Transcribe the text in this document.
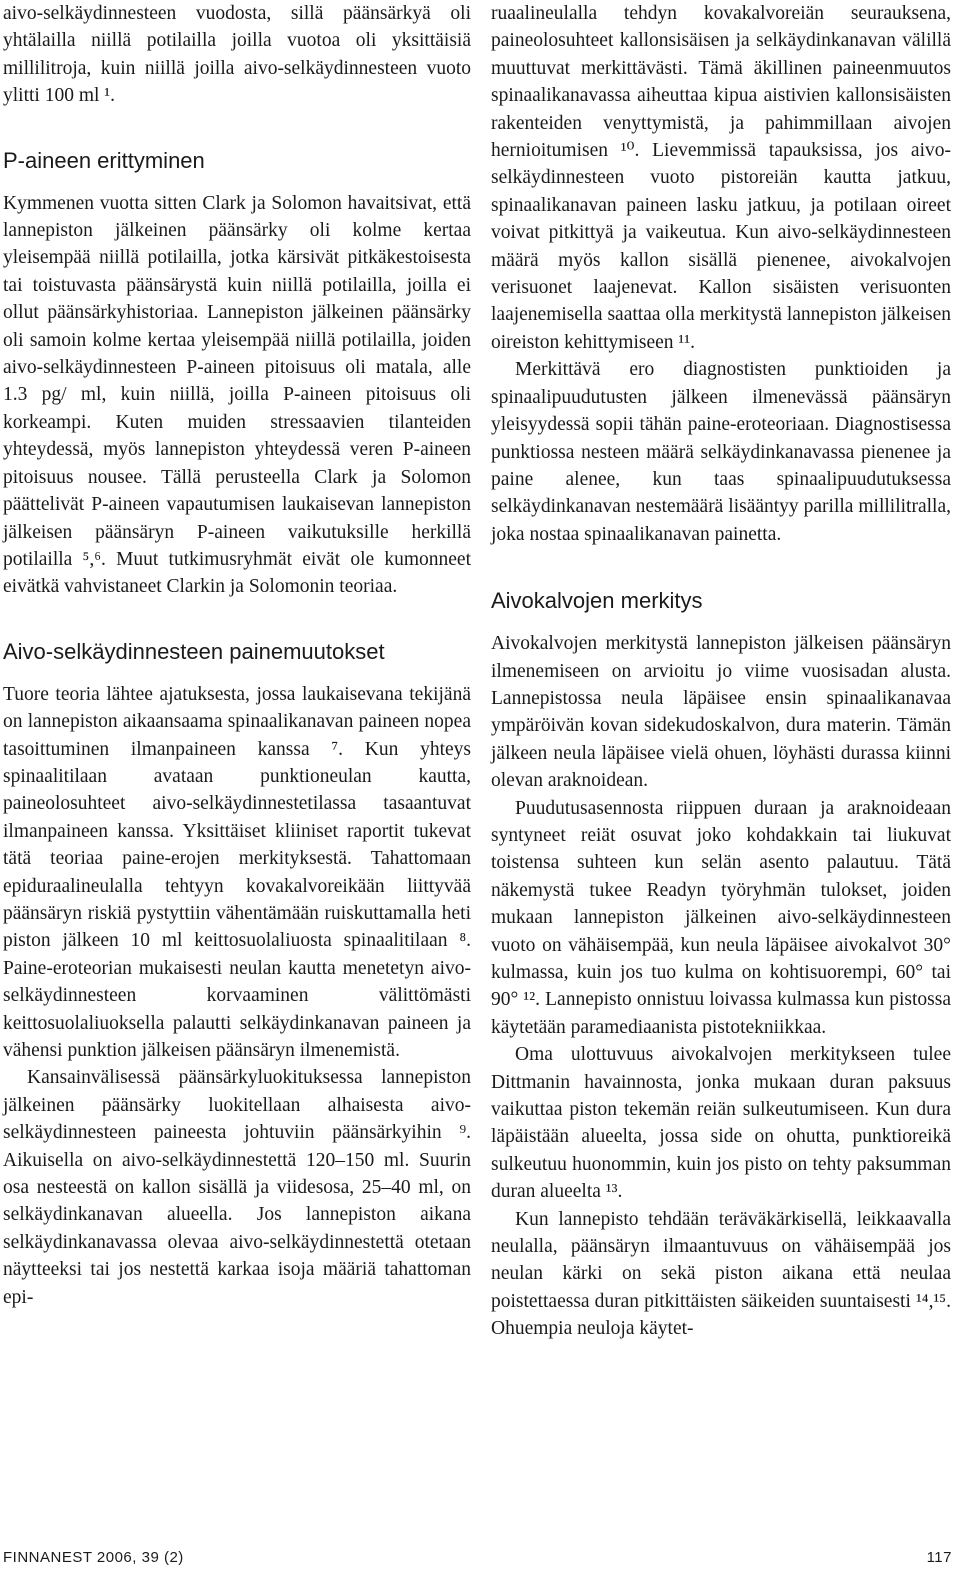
aivo-selkäydinnesteen vuodosta, sillä päänsärkyä oli yhtälailla niillä potilailla joilla vuotoa oli yksittäisiä millilitroja, kuin niillä joilla aivo-selkäydinnesteen vuoto ylitti 100 ml ¹.

P-aineen erittyminen

Kymmenen vuotta sitten Clark ja Solomon havaitsivat, että lannepiston jälkeinen päänsärky oli kolme kertaa yleisempää niillä potilailla, jotka kärsivät pitkäkestoisesta tai toistuvasta päänsärystä kuin niillä potilailla, joilla ei ollut päänsärkyhistoriaa. Lannepiston jälkeinen päänsärky oli samoin kolme kertaa yleisempää niillä potilailla, joiden aivo-selkäydinnesteen P-aineen pitoisuus oli matala, alle 1.3 pg/ ml, kuin niillä, joilla P-aineen pitoisuus oli korkeampi. Kuten muiden stressaavien tilanteiden yhteydessä, myös lannepiston yhteydessä veren P-aineen pitoisuus nousee. Tällä perusteella Clark ja Solomon päättelivät P-aineen vapautumisen laukaisevan lannepiston jälkeisen päänsäryn P-aineen vaikutuksille herkillä potilailla ⁵,⁶. Muut tutkimusryhmät eivät ole kumonneet eivätkä vahvistaneet Clarkin ja Solomonin teoriaa.

Aivo-selkäydinnesteen painemuutokset

Tuore teoria lähtee ajatuksesta, jossa laukaisevana tekijänä on lannepiston aikaansaama spinaalikanavan paineen nopea tasoittuminen ilmanpaineen kanssa ⁷. Kun yhteys spinaalitilaan avataan punktioneulan kautta, paineolosuhteet aivo-selkäydinnestetilassa tasaantuvat ilmanpaineen kanssa. Yksittäiset kliiniset raportit tukevat tätä teoriaa paine-erojen merkityksestä. Tahattomaan epiduraalineulalla tehtyyn kovakalvoreikään liittyvää päänsäryn riskiä pystyttiin vähentämään ruiskuttamalla heti piston jälkeen 10 ml keittosuolaliuosta spinaalitilaan ⁸. Paine-eroteorian mukaisesti neulan kautta menetetyn aivo-selkäydinnesteen korvaaminen välittömästi keittosuolaliuoksella palautti selkäydinkanavan paineen ja vähensi punktion jälkeisen päänsäryn ilmenemistä.

Kansainvälisessä päänsärkyluokituksessa lannepiston jälkeinen päänsärky luokitellaan alhaisesta aivo-selkäydinnesteen paineesta johtuviin päänsärkyihin ⁹. Aikuisella on aivo-selkäydinnestettä 120–150 ml. Suurin osa nesteestä on kallon sisällä ja viidesosa, 25–40 ml, on selkäydinkanavan alueella. Jos lannepiston aikana selkäydinkanavassa olevaa aivo-selkäydinnestettä otetaan näytteeksi tai jos nestettä karkaa isoja määriä tahattoman epi-

ruaalineulalla tehdyn kovakalvoreiän seurauksena, paineolosuhteet kallonsisäisen ja selkäydinkanavan välillä muuttuvat merkittävästi. Tämä äkillinen paineenmuutos spinaalikanavassa aiheuttaa kipua aistivien kallonsisäisten rakenteiden venyttymistä, ja pahimmillaan aivojen hernioitumisen ¹⁰. Lievemmissä tapauksissa, jos aivo-selkäydinnesteen vuoto pistoreiän kautta jatkuu, spinaalikanavan paineen lasku jatkuu, ja potilaan oireet voivat pitkittyä ja vaikeutua. Kun aivo-selkäydinnesteen määrä myös kallon sisällä pienenee, aivokalvojen verisuonet laajenevat. Kallon sisäisten verisuonten laajenemisella saattaa olla merkitystä lannepiston jälkeisen oireiston kehittymiseen ¹¹.

Merkittävä ero diagnostisten punktioiden ja spinaalipuudutusten jälkeen ilmenevässä päänsäryn yleisyydessä sopii tähän paine-eroteoriaan. Diagnostisessa punktiossa nesteen määrä selkäydinkanavassa pienenee ja paine alenee, kun taas spinaalipuudutuksessa selkäydinkanavan nestemäärä lisääntyy parilla millilitralla, joka nostaa spinaalikanavan painetta.

Aivokalvojen merkitys

Aivokalvojen merkitystä lannepiston jälkeisen päänsäryn ilmenemiseen on arvioitu jo viime vuosisadan alusta. Lannepistossa neula läpäisee ensin spinaalikanavaa ympäröivän kovan sidekudoskalvon, dura materin. Tämän jälkeen neula läpäisee vielä ohuen, löyhästi durassa kiinni olevan araknoidean.

Puudutusasennosta riippuen duraan ja araknoideaan syntyneet reiät osuvat joko kohdakkain tai liukuvat toistensa suhteen kun selän asento palautuu. Tätä näkemystä tukee Readyn työryhmän tulokset, joiden mukaan lannepiston jälkeinen aivo-selkäydinnesteen vuoto on vähäisempää, kun neula läpäisee aivokalvot 30° kulmassa, kuin jos tuo kulma on kohtisuorempi, 60° tai 90° ¹². Lannepisto onnistuu loivassa kulmassa kun pistossa käytetään paramediaanista pistotekniikkaa.

Oma ulottuvuus aivokalvojen merkitykseen tulee Dittmanin havainnosta, jonka mukaan duran paksuus vaikuttaa piston tekemän reiän sulkeutumiseen. Kun dura läpäistään alueelta, jossa side on ohutta, punktioreikä sulkeutuu huonommin, kuin jos pisto on tehty paksumman duran alueelta ¹³.

Kun lannepisto tehdään teräväkärkisellä, leikkaavalla neulalla, päänsäryn ilmaantuvuus on vähäisempää jos neulan kärki on sekä piston aikana että neulaa poistettaessa duran pitkittäisten säikeiden suuntaisesti ¹⁴,¹⁵. Ohuempia neuloja käytet-

FINNANEST 2006, 39 (2)	117
